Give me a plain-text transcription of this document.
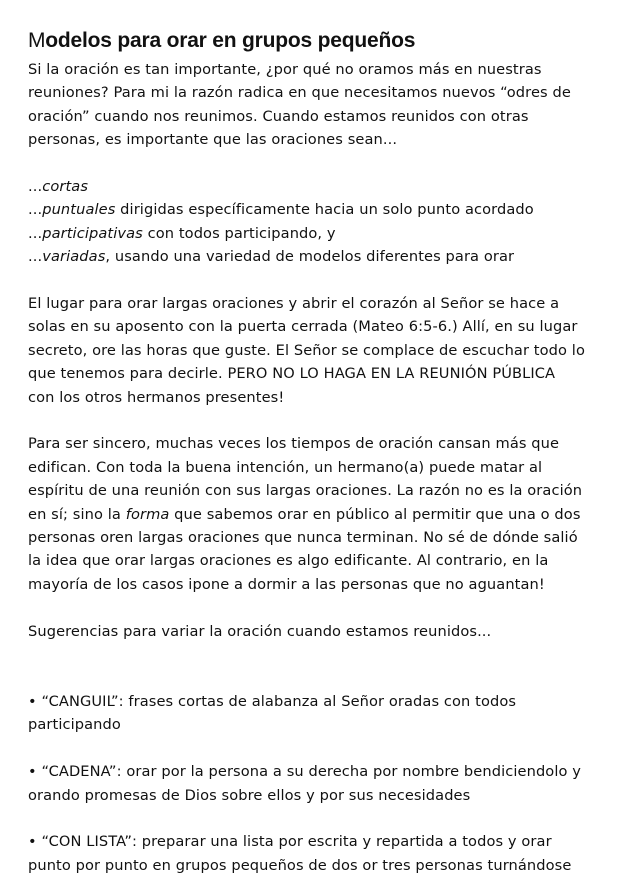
Modelos para orar en grupos pequeños

Si la oración es tan importante, ¿por qué no oramos más en nuestras

reuniones? Para mi la razón radica en que necesitamos nuevos “odres de

oración” cuando nos reunimos. Cuando estamos reunidos con otras

personas, es importante que las oraciones sean...

...cortas

...puntuales dirigidas específicamente hacia un solo punto acordado

...participativas con todos participando, y

...variadas, usando una variedad de modelos diferentes para orar

El lugar para orar largas oraciones y abrir el corazón al Señor se hace a

solas en su aposento con la puerta cerrada (Mateo 6:5-6.) Allí, en su lugar

secreto, ore las horas que guste. El Señor se complace de escuchar todo lo

que tenemos para decirle. PERO NO LO HAGA EN LA REUNIÓN PÚBLICA

con los otros hermanos presentes!

Para ser sincero, muchas veces los tiempos de oración cansan más que

edifican. Con toda la buena intención, un hermano(a) puede matar al

espíritu de una reunión con sus largas oraciones. La razón no es la oración

en sí; sino la forma que sabemos orar en público al permitir que una o dos

personas oren largas oraciones que nunca terminan. No sé de dónde salió

la idea que orar largas oraciones es algo edificante. Al contrario, en la

mayoría de los casos ipone a dormir a las personas que no aguantan!

Sugerencias para variar la oración cuando estamos reunidos...

• “CANGUIL”: frases cortas de alabanza al Señor oradas con todos

participando

• “CADENA”: orar por la persona a su derecha por nombre bendiciendolo y

orando promesas de Dios sobre ellos y por sus necesidades

• “CON LISTA”: preparar una lista por escrita y repartida a todos y orar

punto por punto en grupos pequeños de dos or tres personas turnándose
